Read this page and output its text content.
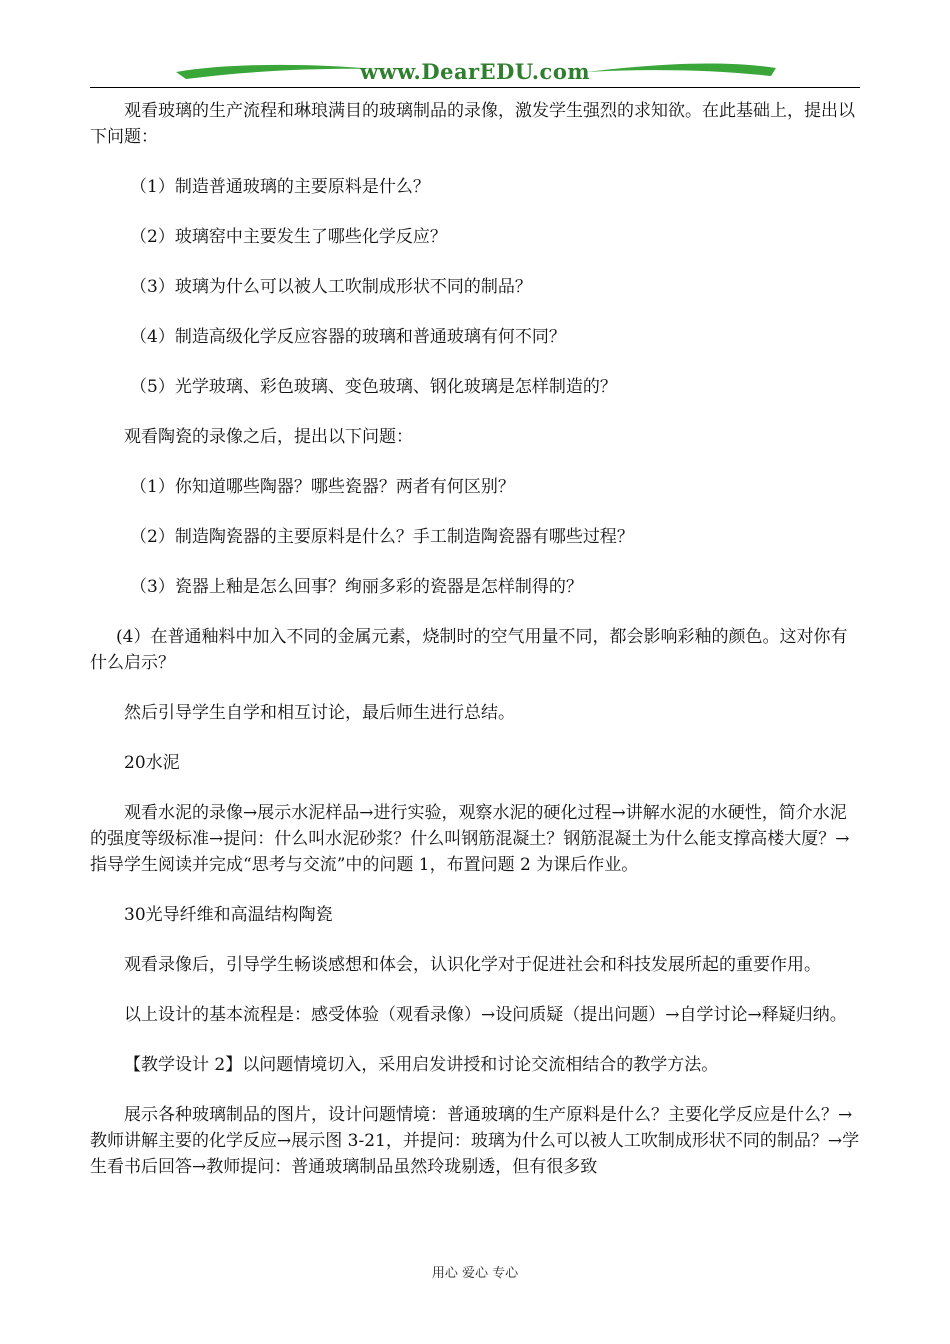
www.DearEDU.com

观看玻璃的生产流程和琳琅满目的玻璃制品的录像，激发学生强烈的求知欲。在此基础上，提出以下问题：

（1）制造普通玻璃的主要原料是什么？

（2）玻璃窑中主要发生了哪些化学反应？

（3）玻璃为什么可以被人工吹制成形状不同的制品？

（4）制造高级化学反应容器的玻璃和普通玻璃有何不同？

（5）光学玻璃、彩色玻璃、变色玻璃、钢化玻璃是怎样制造的？

观看陶瓷的录像之后，提出以下问题：

（1）你知道哪些陶器？哪些瓷器？两者有何区别？

（2）制造陶瓷器的主要原料是什么？手工制造陶瓷器有哪些过程？

（3）瓷器上釉是怎么回事？绚丽多彩的瓷器是怎样制得的？

(4）在普通釉料中加入不同的金属元素，烧制时的空气用量不同，都会影响彩釉的颜色。这对你有什么启示？

然后引导学生自学和相互讨论，最后师生进行总结。

20水泥

观看水泥的录像→展示水泥样品→进行实验，观察水泥的硬化过程→讲解水泥的水硬性，简介水泥的强度等级标准→提问：什么叫水泥砂浆？什么叫钢筋混凝土？钢筋混凝土为什么能支撑高楼大厦？→指导学生阅读并完成“思考与交流”中的问题 1，布置问题 2 为课后作业。

30光导纤维和高温结构陶瓷

观看录像后，引导学生畅谈感想和体会，认识化学对于促进社会和科技发展所起的重要作用。

以上设计的基本流程是：感受体验（观看录像）→设问质疑（提出问题）→自学讨论→释疑归纳。

【教学设计 2】以问题情境切入，采用启发讲授和讨论交流相结合的教学方法。

展示各种玻璃制品的图片，设计问题情境：普通玻璃的生产原料是什么？主要化学反应是什么？→教师讲解主要的化学反应→展示图 3-21，并提问：玻璃为什么可以被人工吹制成形状不同的制品？→学生看书后回答→教师提问：普通玻璃制品虽然玲珑剔透，但有很多致

用心 爱心 专心
